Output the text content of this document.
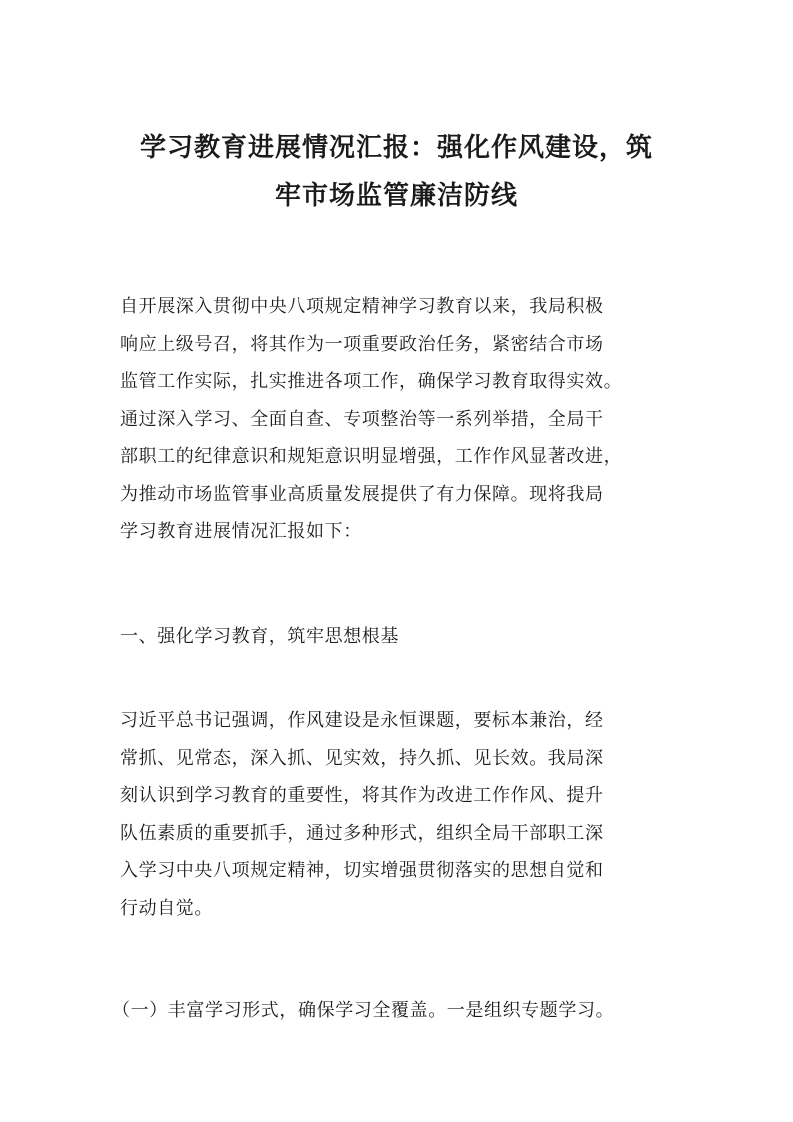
学习教育进展情况汇报：强化作风建设，筑
牢市场监管廉洁防线

自开展深入贯彻中央八项规定精神学习教育以来，我局积极
响应上级号召，将其作为一项重要政治任务，紧密结合市场
监管工作实际，扎实推进各项工作，确保学习教育取得实效。
通过深入学习、全面自查、专项整治等一系列举措，全局干
部职工的纪律意识和规矩意识明显增强，工作作风显著改进，
为推动市场监管事业高质量发展提供了有力保障。现将我局
学习教育进展情况汇报如下：

一、强化学习教育，筑牢思想根基

习近平总书记强调，作风建设是永恒课题，要标本兼治，经
常抓、见常态，深入抓、见实效，持久抓、见长效。我局深
刻认识到学习教育的重要性，将其作为改进工作作风、提升
队伍素质的重要抓手，通过多种形式，组织全局干部职工深
入学习中央八项规定精神，切实增强贯彻落实的思想自觉和
行动自觉。

（一）丰富学习形式，确保学习全覆盖。一是组织专题学习。
